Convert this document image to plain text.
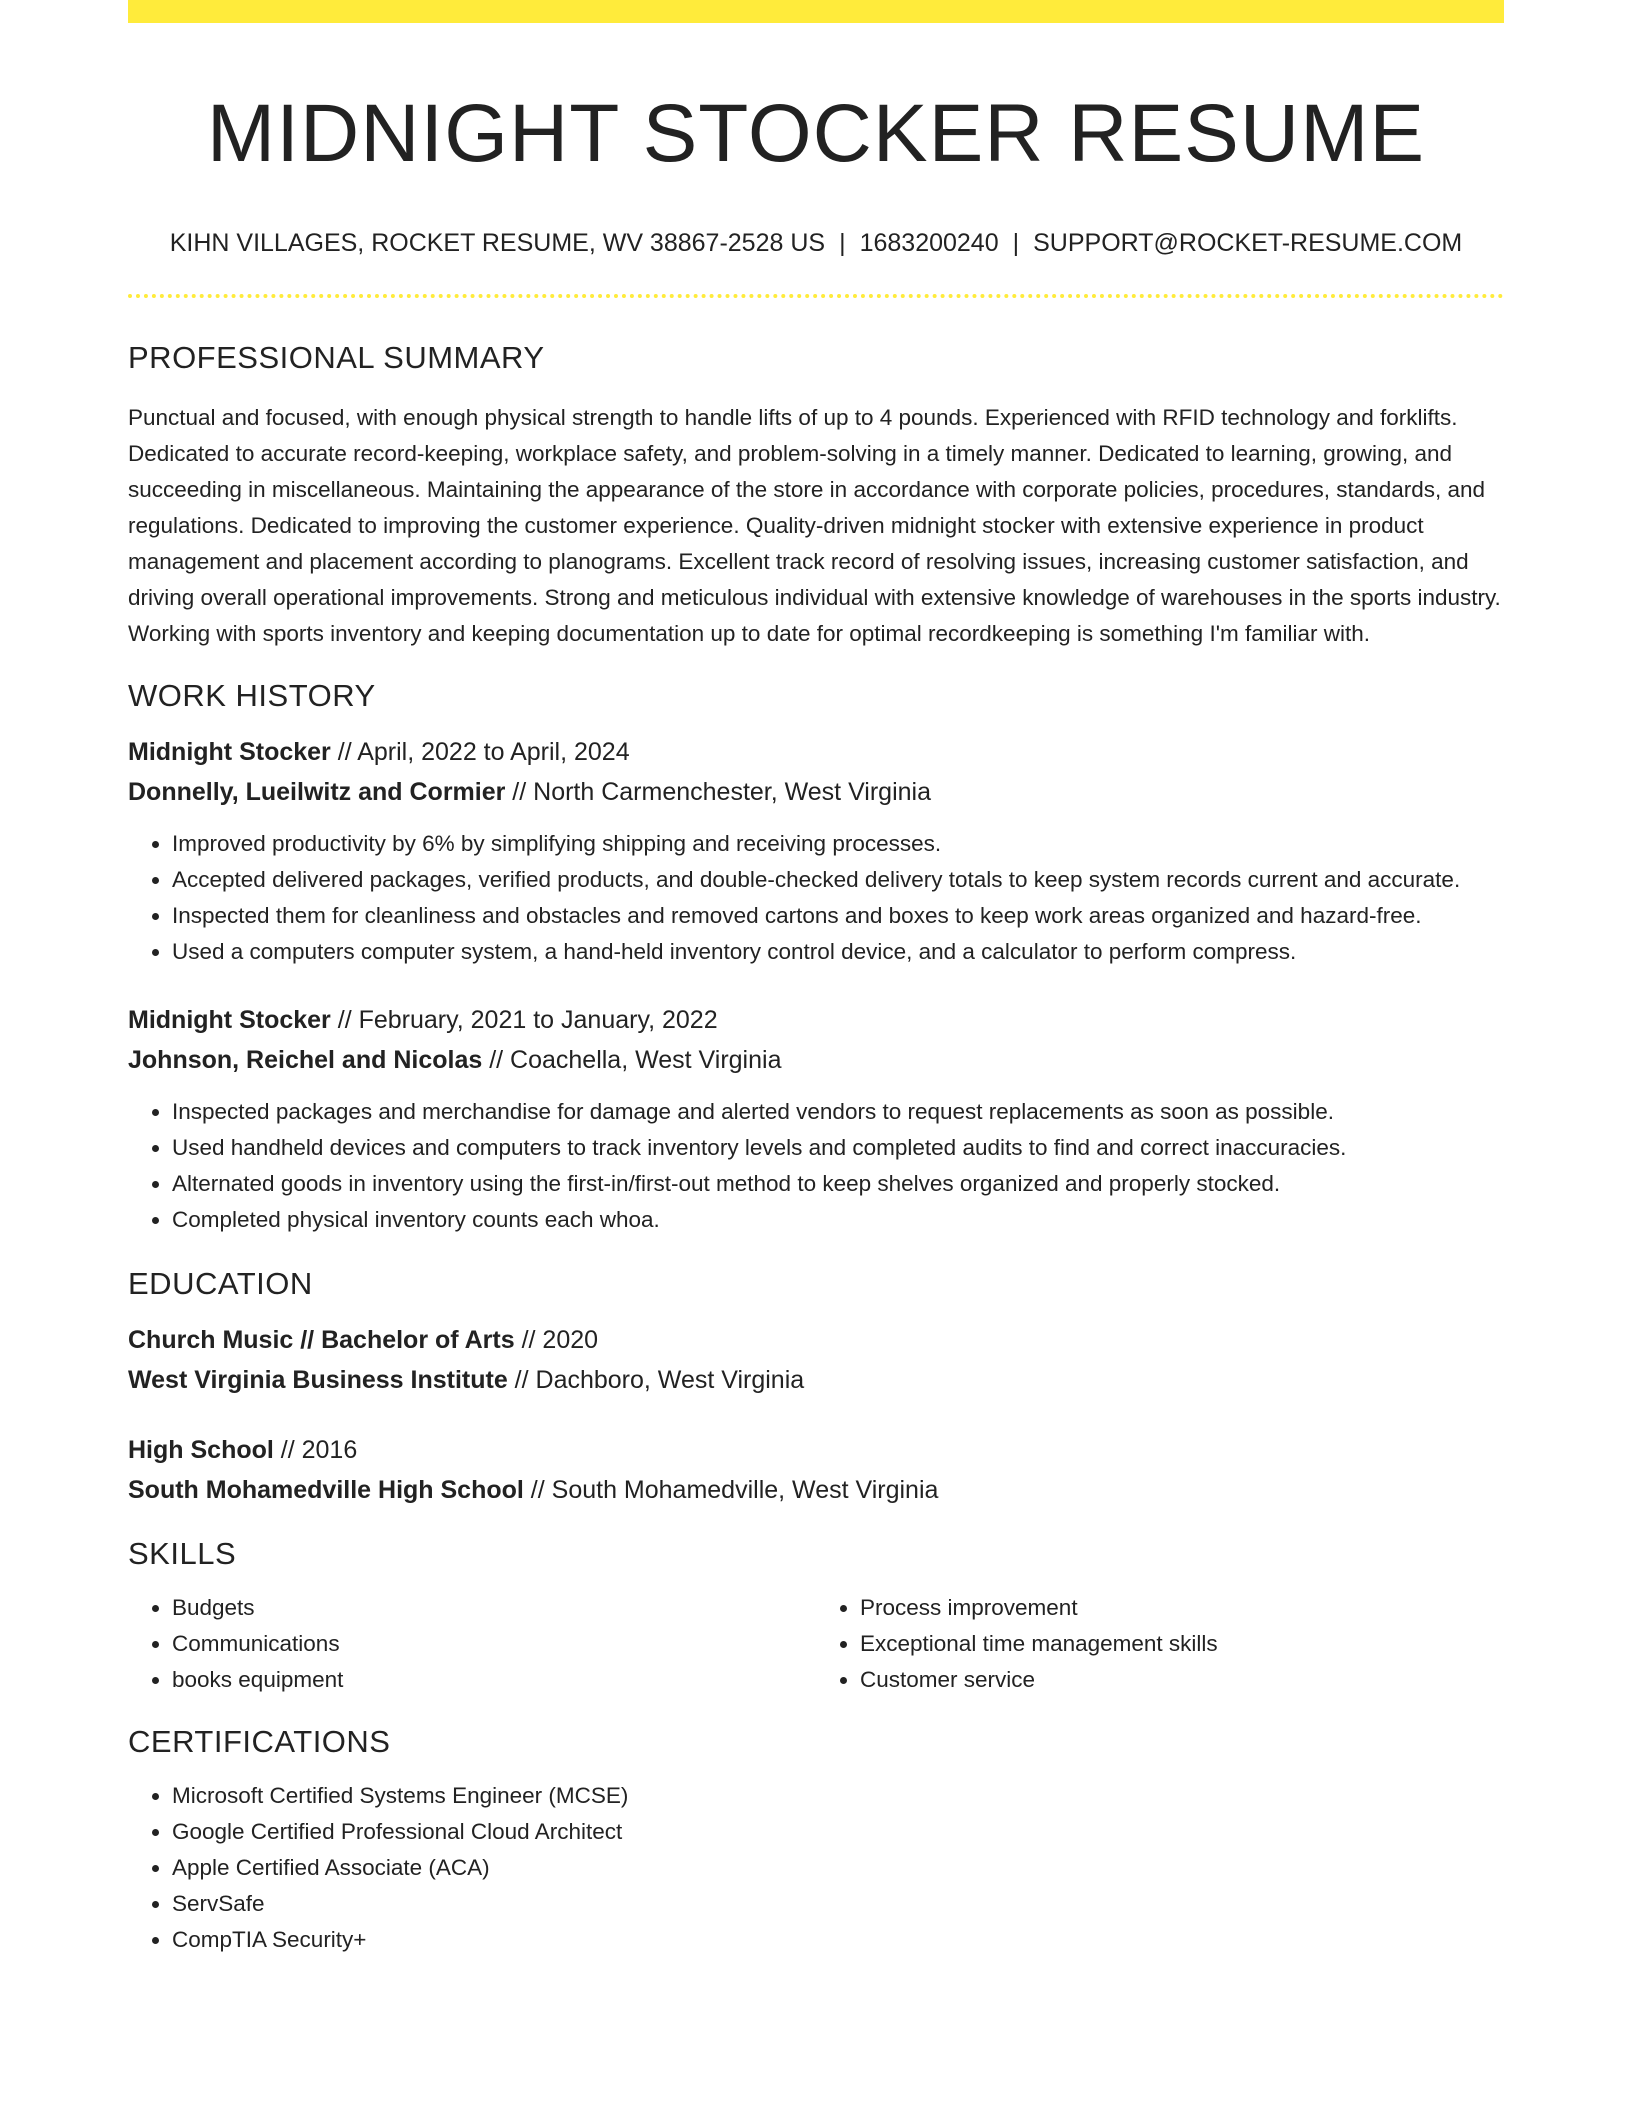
MIDNIGHT STOCKER RESUME
KIHN VILLAGES, ROCKET RESUME, WV 38867-2528 US | 1683200240 | SUPPORT@ROCKET-RESUME.COM
PROFESSIONAL SUMMARY

Punctual and focused, with enough physical strength to handle lifts of up to 4 pounds. Experienced with RFID technology and forklifts. Dedicated to accurate record-keeping, workplace safety, and problem-solving in a timely manner. Dedicated to learning, growing, and succeeding in miscellaneous. Maintaining the appearance of the store in accordance with corporate policies, procedures, standards, and regulations. Dedicated to improving the customer experience. Quality-driven midnight stocker with extensive experience in product management and placement according to planograms. Excellent track record of resolving issues, increasing customer satisfaction, and driving overall operational improvements. Strong and meticulous individual with extensive knowledge of warehouses in the sports industry. Working with sports inventory and keeping documentation up to date for optimal recordkeeping is something I'm familiar with.

WORK HISTORY
Midnight Stocker // April, 2022 to April, 2024
Donnelly, Lueilwitz and Cormier // North Carmenchester, West Virginia
• Improved productivity by 6% by simplifying shipping and receiving processes.
• Accepted delivered packages, verified products, and double-checked delivery totals to keep system records current and accurate.
• Inspected them for cleanliness and obstacles and removed cartons and boxes to keep work areas organized and hazard-free.
• Used a computers computer system, a hand-held inventory control device, and a calculator to perform compress.
Midnight Stocker // February, 2021 to January, 2022
Johnson, Reichel and Nicolas // Coachella, West Virginia
• Inspected packages and merchandise for damage and alerted vendors to request replacements as soon as possible.
• Used handheld devices and computers to track inventory levels and completed audits to find and correct inaccuracies.
• Alternated goods in inventory using the first-in/first-out method to keep shelves organized and properly stocked.
• Completed physical inventory counts each whoa.
EDUCATION
Church Music // Bachelor of Arts // 2020
West Virginia Business Institute // Dachboro, West Virginia
High School // 2016
South Mohamedville High School // South Mohamedville, West Virginia
SKILLS
• Budgets
• Communications
• books equipment
• Process improvement
• Exceptional time management skills
• Customer service
CERTIFICATIONS
• Microsoft Certified Systems Engineer (MCSE)
• Google Certified Professional Cloud Architect
• Apple Certified Associate (ACA)
• ServSafe
• CompTIA Security+
